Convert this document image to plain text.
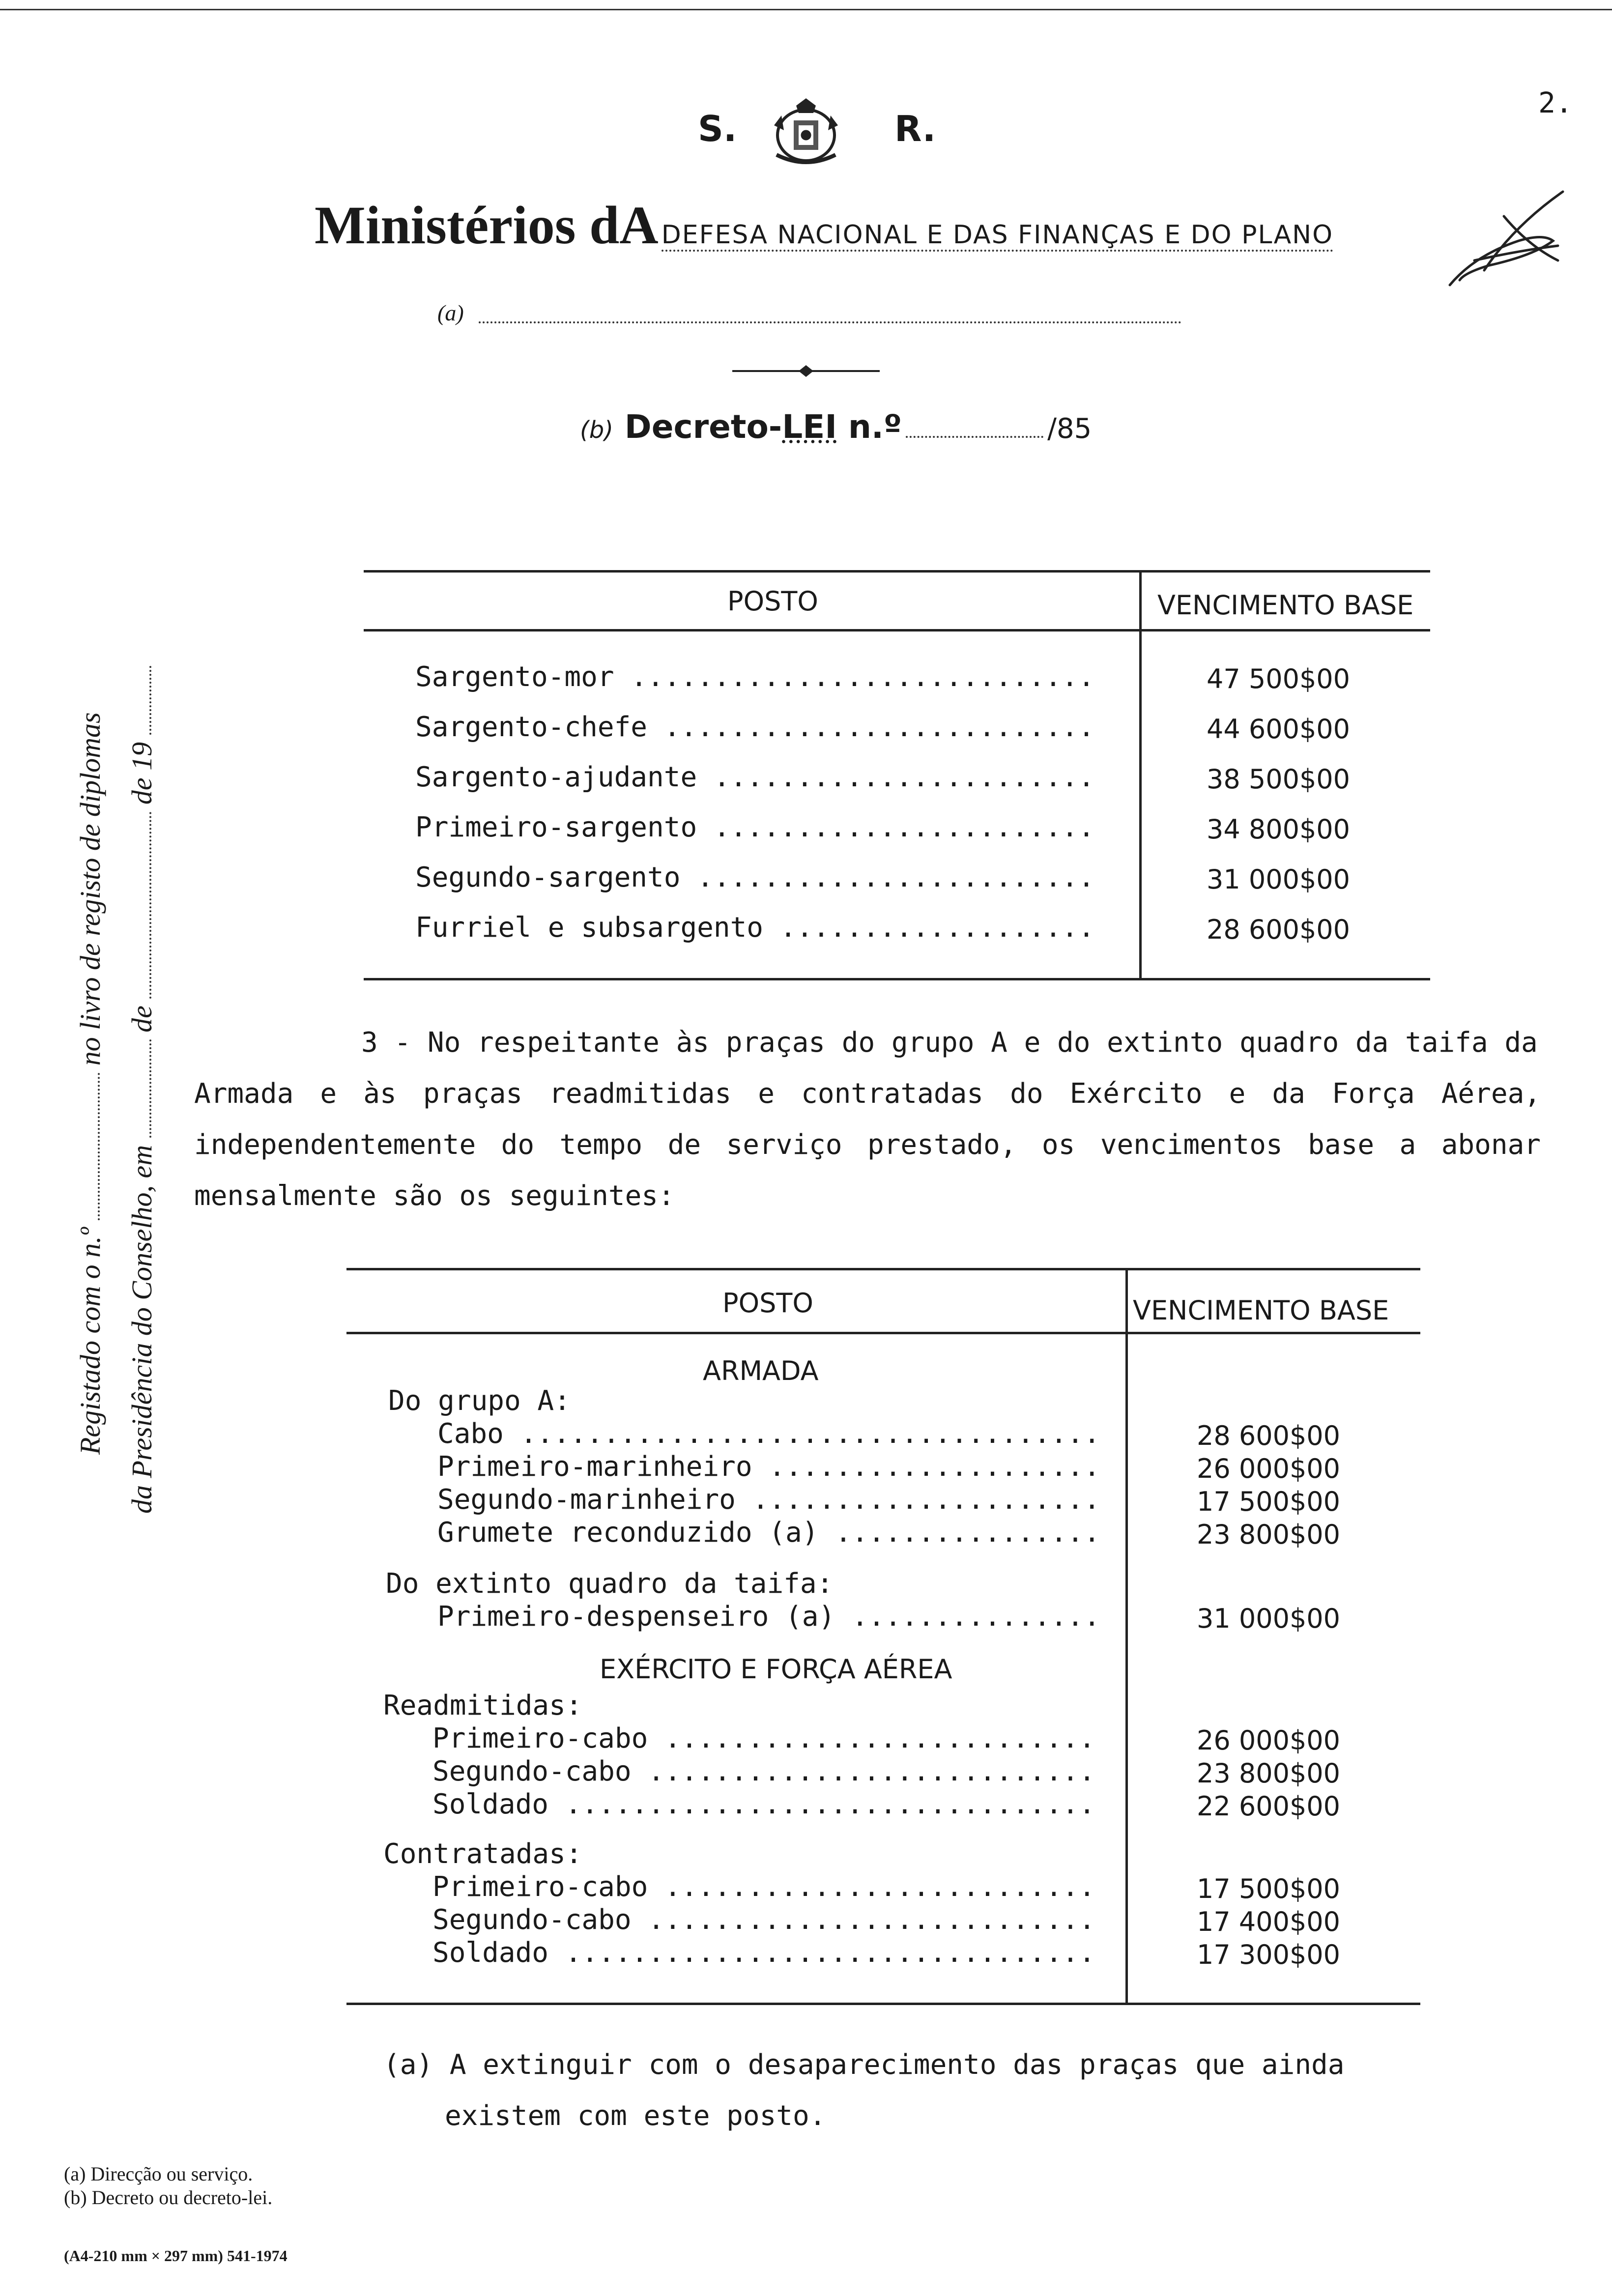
2.
S.	R.
Ministérios dA DEFESA NACIONAL E DAS FINANÇAS E DO PLANO
(a)
(b) Decreto-LEI n.º	/85
Registado com o n.º  no livro de registo de diplomas
da Presidência do Conselho, em  de  de 19
POSTO	VENCIMENTO BASE
Sargento-mor ............................	47 500$00
Sargento-chefe ..........................	44 600$00
Sargento-ajudante .......................	38 500$00
Primeiro-sargento .......................	34 800$00
Segundo-sargento ........................	31 000$00
Furriel e subsargento ...................	28 600$00
3 - No respeitante às praças do grupo A e do extinto quadro da taifa da
Armada e às praças readmitidas e contratadas do Exército e da Força Aérea, independentemente do tempo de serviço prestado, os vencimentos base a abonar mensalmente são os seguintes:
POSTO	VENCIMENTO BASE
ARMADA
Do grupo A:
Cabo ...................................	28 600$00
Primeiro-marinheiro ....................	26 000$00
Segundo-marinheiro .....................	17 500$00
Grumete reconduzido (a) ................	23 800$00
Do extinto quadro da taifa:
Primeiro-despenseiro (a) ...............	31 000$00
EXÉRCITO E FORÇA AÉREA
Readmitidas:
Primeiro-cabo ..........................	26 000$00
Segundo-cabo ...........................	23 800$00
Soldado ................................	22 600$00
Contratadas:
Primeiro-cabo ..........................	17 500$00
Segundo-cabo ...........................	17 400$00
Soldado ................................	17 300$00
(a) A extinguir com o desaparecimento das praças que ainda
existem com este posto.
(a) Direcção ou serviço.
(b) Decreto ou decreto-lei.
(A4-210 mm × 297 mm) 541-1974
